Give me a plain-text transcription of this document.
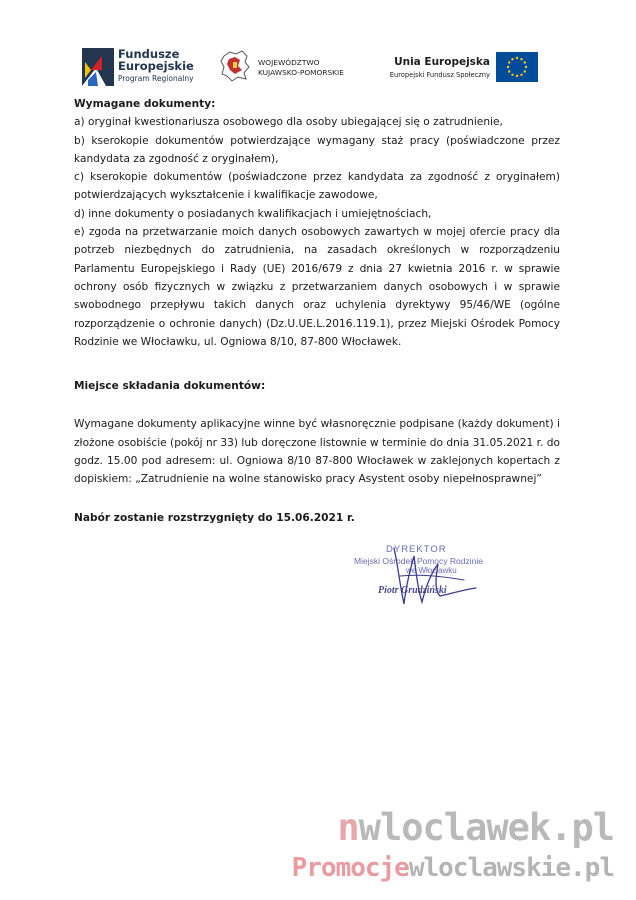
Fundusze
Europejskie
Program Regionalny
WOJEWÓDZTWO
KUJAWSKO-POMORSKIE
Unia Europejska
Europejski Fundusz Społeczny

Wymagane dokumenty:

a) oryginał kwestionariusza osobowego dla osoby ubiegającej się o zatrudnienie,

b) kserokopie dokumentów potwierdzające wymagany staż pracy (poświadczone przez kandydata za zgodność z oryginałem),

c) kserokopie dokumentów (poświadczone przez kandydata za zgodność z oryginałem) potwierdzających wykształcenie i kwalifikacje zawodowe,

d) inne dokumenty o posiadanych kwalifikacjach i umiejętnościach,

e) zgoda na przetwarzanie moich danych osobowych zawartych w mojej ofercie pracy dla potrzeb niezbędnych do zatrudnienia, na zasadach określonych w rozporządzeniu Parlamentu Europejskiego i Rady (UE) 2016/679 z dnia 27 kwietnia 2016 r. w sprawie ochrony osób fizycznych w związku z przetwarzaniem danych osobowych i w sprawie swobodnego przepływu takich danych oraz uchylenia dyrektywy 95/46/WE (ogólne rozporządzenie o ochronie danych) (Dz.U.UE.L.2016.119.1), przez Miejski Ośrodek Pomocy Rodzinie we Włocławku, ul. Ogniowa 8/10, 87-800 Włocławek.

Miejsce składania dokumentów:

Wymagane dokumenty aplikacyjne winne być własnoręcznie podpisane (każdy dokument) i złożone osobiście (pokój nr 33) lub doręczone listownie w terminie do dnia 31.05.2021 r. do godz. 15.00 pod adresem: ul. Ogniowa 8/10 87-800 Włocławek w zaklejonych kopertach z dopiskiem: „Zatrudnienie na wolne stanowisko pracy Asystent osoby niepełnosprawnej”

Nabór zostanie rozstrzygnięty do 15.06.2021 r.

DYREKTOR
Miejski Ośrodek Pomocy Rodzinie
we Włocławku
Piotr Grudziński
nwloclawek.pl
Promocjewloclawskie.pl
